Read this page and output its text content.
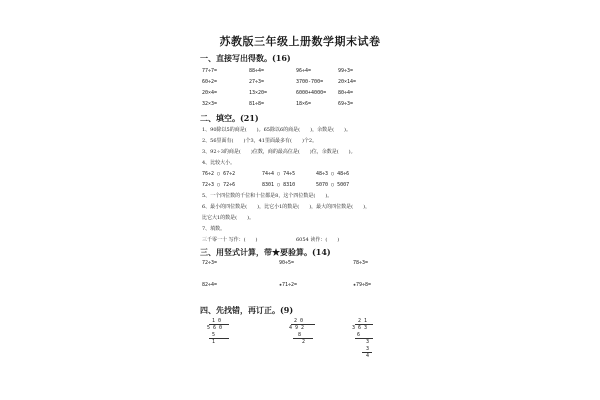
苏教版三年级上册数学期末试卷
一、直接写出得数。(16)
77÷7=	88÷4=	96÷4=	99÷3=
60÷2=	27÷3=	3700-700=	20×14=
20×4=	13×20=	6000+4000= 80÷4=
32×3=	81÷8=	18×6=	69÷3=
二、填空。(21)
1、90除以5的商是(　　)。65除以6的商是(　　)，余数是(　　)。
2、56里面有(　　)个3，41里面最多有(　　)个2。
3、92÷3的商是(　　)位数，商的最高位是(　　)位，余数是(　　)。
4、比较大小。
76÷2 ○ 67÷2	74÷4 ○ 74÷5	48÷3 ○ 48÷6
72÷3 ○ 72÷6	8301 ○ 8310	5070 ○ 5007
5、一个四位数的千位和十位都是8，这个四位数是(　　)。
6、最小的四位数是(　　)，比它小1的数是(　　)，最大的四位数是(　　)，
比它大1的数是(　　)。
7、填数。
三千零一十 写作：(　　)	6054 读作：(　　)
三、用竖式计算，带★要验算。(14)
72÷3=	90÷5=	78÷3=
82÷4=	★71÷2=	★79÷8=
四、先找错，再订正。(9)
1 0
5 6 0
5
1
2 0
4 9 2
8
2
2 1
3 6 3
6
3
3
4
